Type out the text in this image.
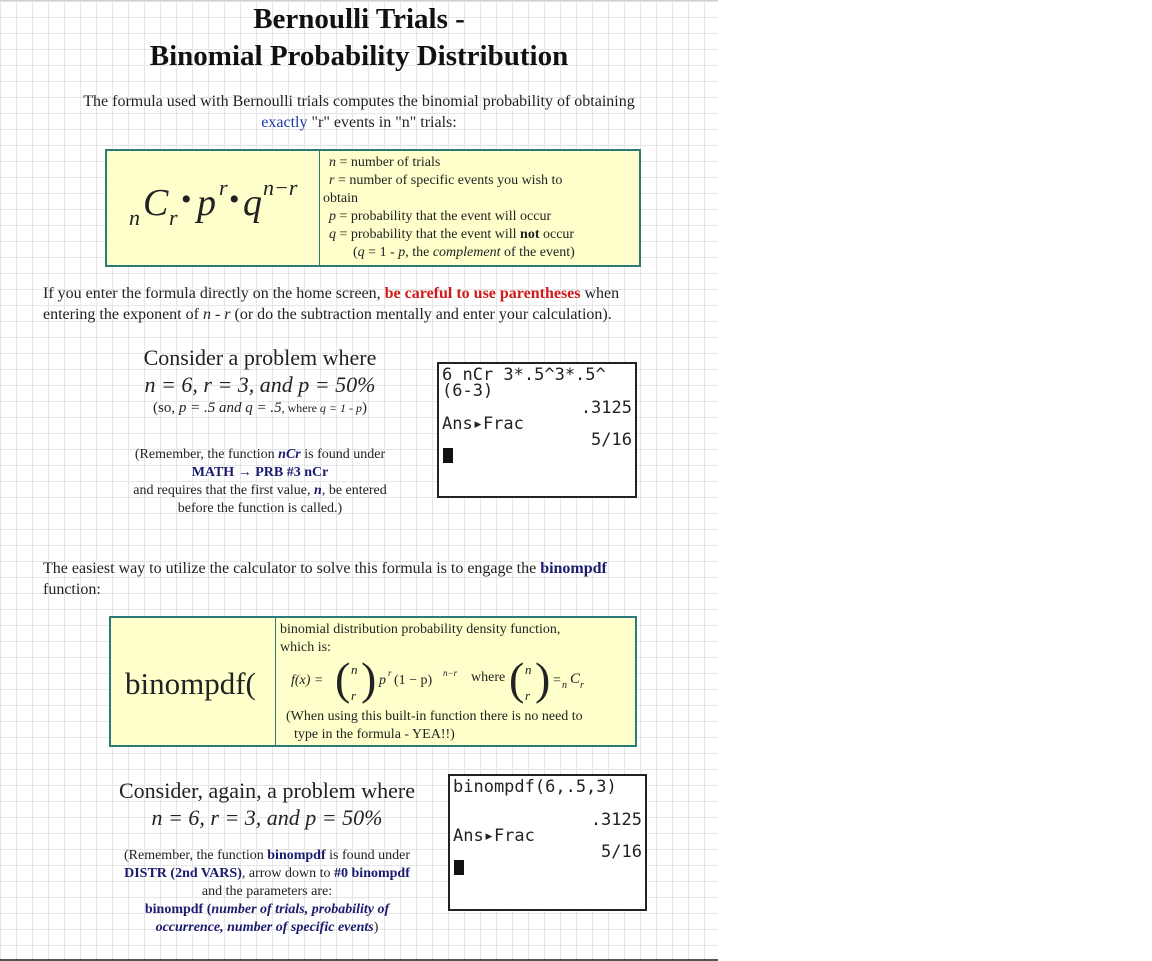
Bernoulli Trials -
Binomial Probability Distribution
The formula used with Bernoulli trials computes the binomial probability of obtaining
exactly "r" events in "n" trials:
n C r
• p r • q n−r
n = number of trials
r = number of specific events you wish to
obtain
p = probability that the event will occur
q = probability that the event will not occur
(q = 1 - p, the complement of the event)
If you enter the formula directly on the home screen, be careful to use parentheses when
entering the exponent of n - r (or do the subtraction mentally and enter your calculation).
Consider a problem where
n = 6, r = 3, and p = 50%
(so, p = .5 and q = .5, where q = 1 - p)
(Remember, the function nCr is found under
MATH → PRB #3 nCr
and requires that the first value, n, be entered
before the function is called.)
6 nCr 3*.5^3*.5^
(6-3)
.3125
Ans▸Frac
5/16
The easiest way to utilize the calculator to solve this formula is to engage the binompdf
function:
binompdf(
binomial distribution probability density function,
which is:
f(x) = ( n
r ) p r (1 − p) n−r where ( n
r ) = n C r
(When using this built-in function there is no need to
type in the formula - YEA!!)
Consider, again, a problem where
n = 6, r = 3, and p = 50%
(Remember, the function binompdf is found under
DISTR (2nd VARS), arrow down to #0 binompdf
and the parameters are:
binompdf (number of trials, probability of
occurrence, number of specific events)
binompdf(6,.5,3)
.3125
Ans▸Frac
5/16
